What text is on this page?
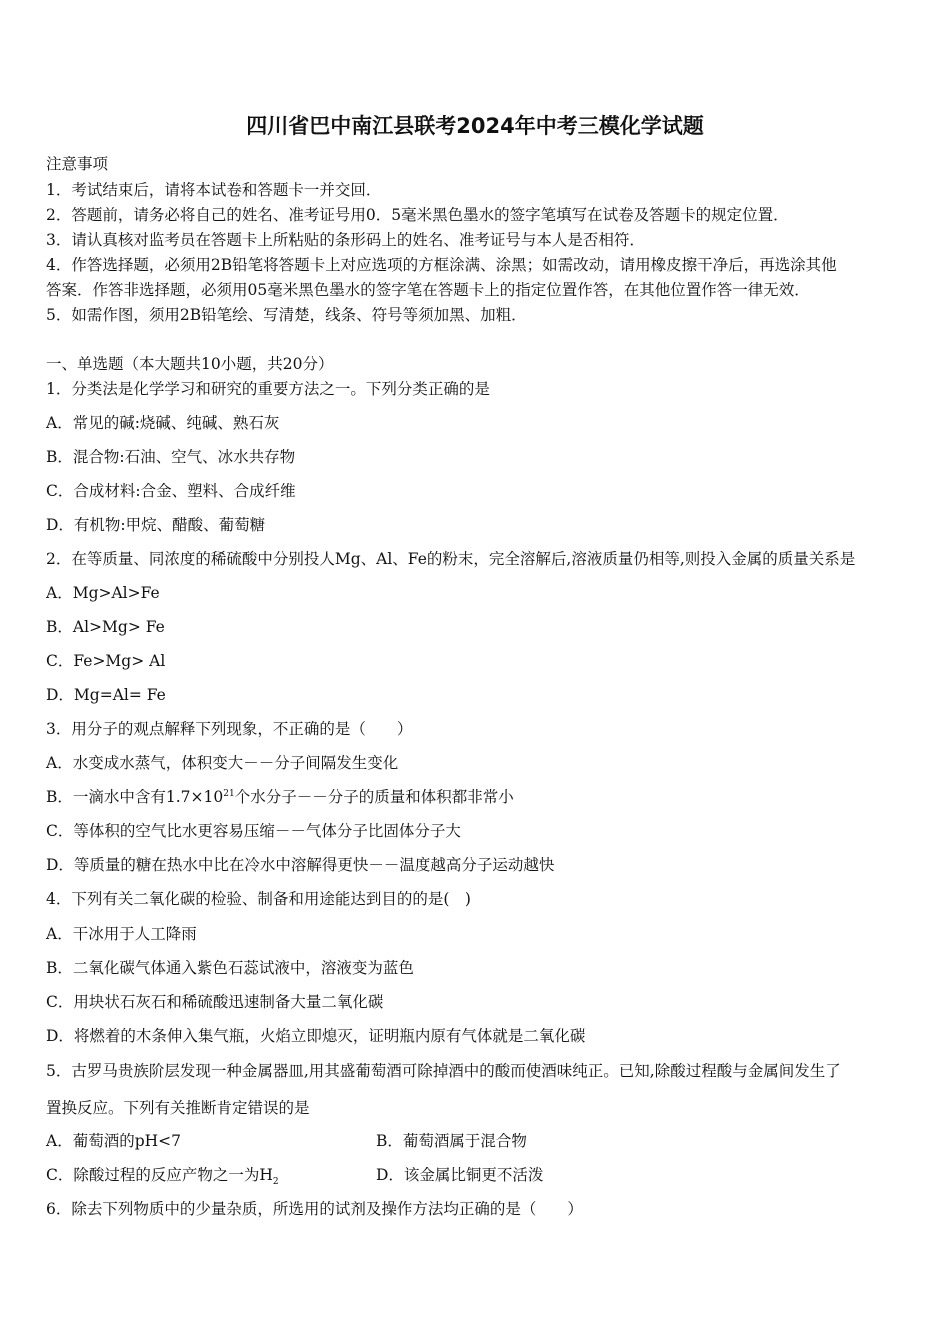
四川省巴中南江县联考2024年中考三模化学试题
注意事项
1．考试结束后，请将本试卷和答题卡一并交回．
2．答题前，请务必将自己的姓名、准考证号用0．5毫米黑色墨水的签字笔填写在试卷及答题卡的规定位置．
3．请认真核对监考员在答题卡上所粘贴的条形码上的姓名、准考证号与本人是否相符．
4．作答选择题，必须用2B铅笔将答题卡上对应选项的方框涂满、涂黑；如需改动，请用橡皮擦干净后，再选涂其他
答案．作答非选择题，必须用05毫米黑色墨水的签字笔在答题卡上的指定位置作答，在其他位置作答一律无效．
5．如需作图，须用2B铅笔绘、写清楚，线条、符号等须加黑、加粗．
一、单选题（本大题共10小题，共20分）
1．分类法是化学学习和研究的重要方法之一。下列分类正确的是
A．常见的碱:烧碱、纯碱、熟石灰
B．混合物:石油、空气、冰水共存物
C．合成材料:合金、塑料、合成纤维
D．有机物:甲烷、醋酸、葡萄糖
2．在等质量、同浓度的稀硫酸中分别投人Mg、Al、Fe的粉末，完全溶解后,溶液质量仍相等,则投入金属的质量关系是
A．Mg>Al>Fe
B．Al>Mg> Fe
C．Fe>Mg> Al
D．Mg=Al= Fe
3．用分子的观点解释下列现象，不正确的是（　　）
A．水变成水蒸气，体积变大－－分子间隔发生变化
B．一滴水中含有$1.7\times 10^{21}$个水分子－－分子的质量和体积都非常小
C．等体积的空气比水更容易压缩－－气体分子比固体分子大
D．等质量的糖在热水中比在冷水中溶解得更快－－温度越高分子运动越快
4．下列有关二氧化碳的检验、制备和用途能达到目的的是(　)
A．干冰用于人工降雨
B．二氧化碳气体通入紫色石蕊试液中，溶液变为蓝色
C．用块状石灰石和稀硫酸迅速制备大量二氧化碳
D．将燃着的木条伸入集气瓶，火焰立即熄灭，证明瓶内原有气体就是二氧化碳
5．古罗马贵族阶层发现一种金属器皿,用其盛葡萄酒可除掉酒中的酸而使酒味纯正。已知,除酸过程酸与金属间发生了
置换反应。下列有关推断肯定错误的是
A．葡萄酒的pH<7	B．葡萄酒属于混合物
C．除酸过程的反应产物之一为$H_2$	D．该金属比铜更不活泼
6．除去下列物质中的少量杂质，所选用的试剂及操作方法均正确的是（　　）
